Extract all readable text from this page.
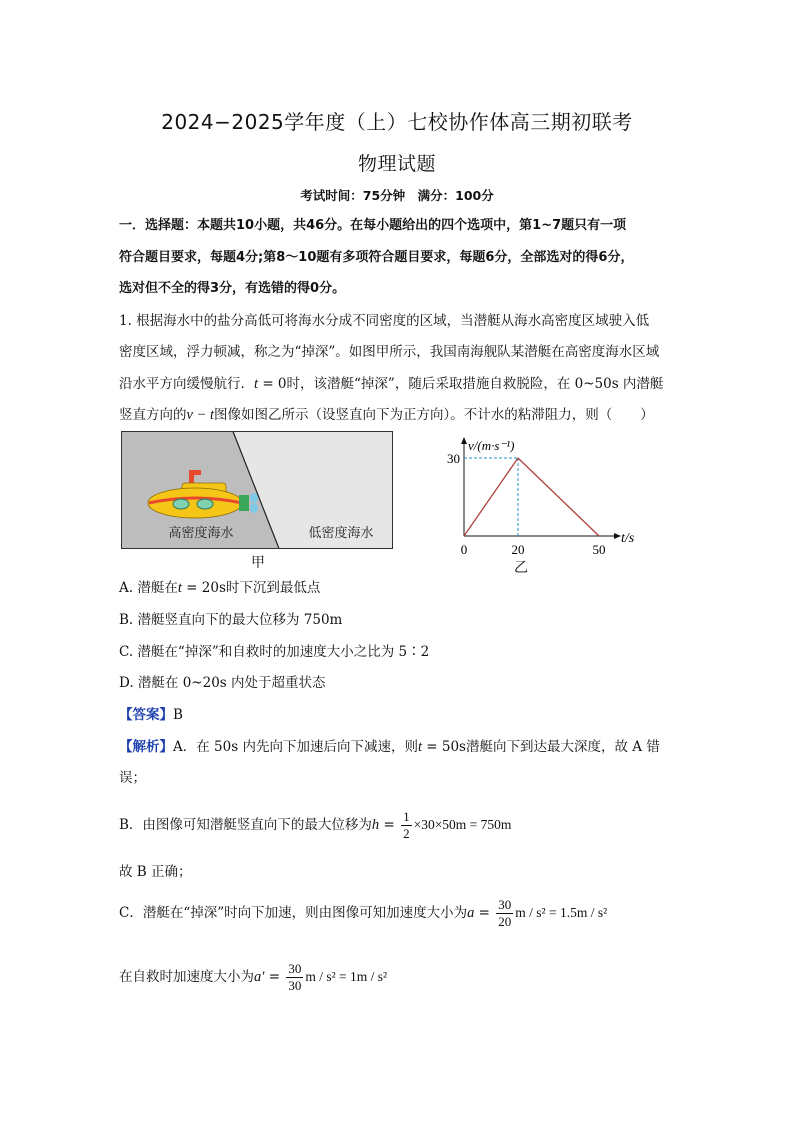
2024−2025学年度（上）七校协作体高三期初联考
物理试题
考试时间：75分钟　满分：100分
一．选择题：本题共10小题，共46分。在每小题给出的四个选项中，第1~7题只有一项
符合题目要求，每题4分;第8～10题有多项符合题目要求，每题6分，全部选对的得6分，
选对但不全的得3分，有选错的得0分。
1. 根据海水中的盐分高低可将海水分成不同密度的区域，当潜艇从海水高密度区域驶入低
密度区域，浮力顿减，称之为“掉深”。如图甲所示，我国南海舰队某潜艇在高密度海水区域
沿水平方向缓慢航行．t = 0时，该潜艇“掉深”，随后采取措施自救脱险，在 0~50s 内潜艇
竖直方向的v − t图像如图乙所示（设竖直向下为正方向）。不计水的粘滞阻力，则（ ）
高密度海水	低密度海水
甲
v/(m·s⁻¹)
t/s
0	20	50
30
乙
A. 潜艇在t = 20s时下沉到最低点
B. 潜艇竖直向下的最大位移为 750m
C. 潜艇在“掉深”和自救时的加速度大小之比为 5∶2
D. 潜艇在 0~20s 内处于超重状态
【答案】B
【解析】A．在 50s 内先向下加速后向下减速，则t = 50s潜艇向下到达最大深度，故 A 错
误；
B．由图像可知潜艇竖直向下的最大位移为$h = \frac{1}{2} \times 30\times 50m = 750m$
故 B 正确；
C．潜艇在“掉深”时向下加速，则由图像可知加速度大小为$a = \frac{30}{20}$ m / s² = 1.5m / s²
在自救时加速度大小为$a' = \frac{30}{30}$ m / s² = 1m / s²
